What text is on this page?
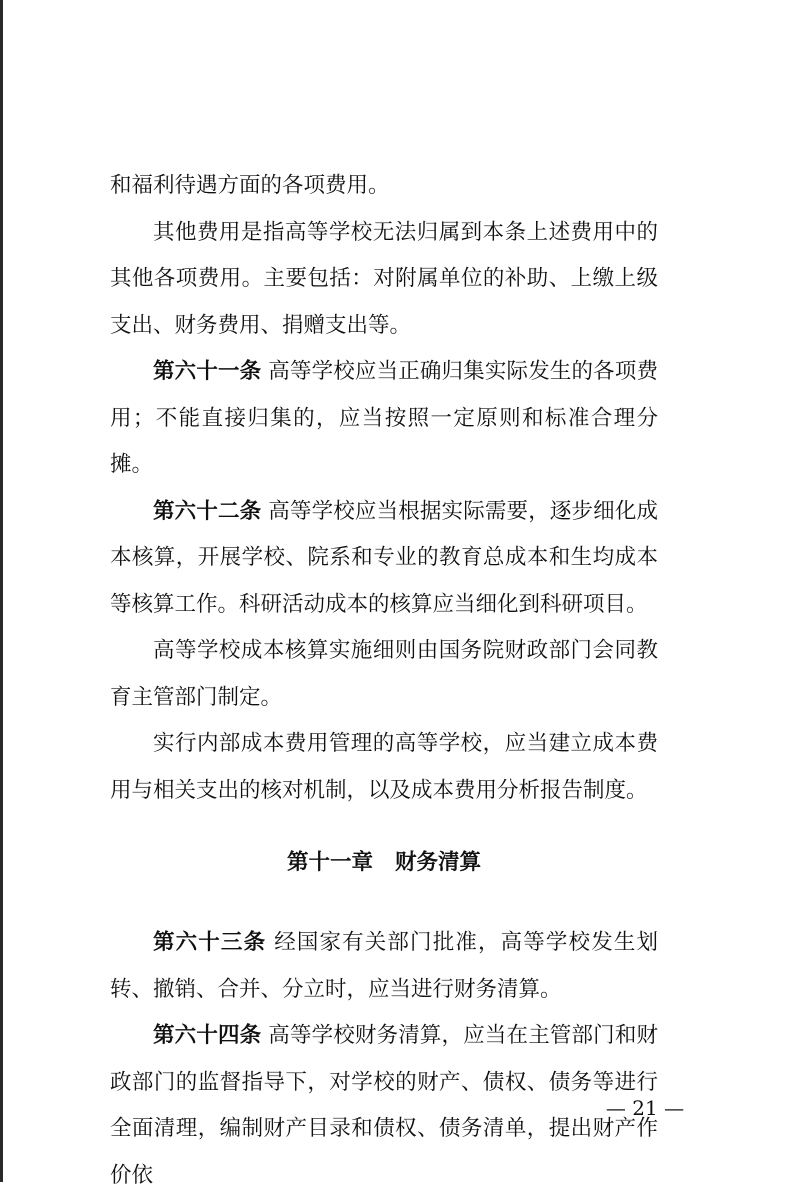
和福利待遇方面的各项费用。

其他费用是指高等学校无法归属到本条上述费用中的其他各项费用。主要包括：对附属单位的补助、上缴上级支出、财务费用、捐赠支出等。

第六十一条 高等学校应当正确归集实际发生的各项费用；不能直接归集的，应当按照一定原则和标准合理分摊。

第六十二条 高等学校应当根据实际需要，逐步细化成本核算，开展学校、院系和专业的教育总成本和生均成本等核算工作。科研活动成本的核算应当细化到科研项目。

高等学校成本核算实施细则由国务院财政部门会同教育主管部门制定。

实行内部成本费用管理的高等学校，应当建立成本费用与相关支出的核对机制，以及成本费用分析报告制度。

第十一章 财务清算

第六十三条 经国家有关部门批准，高等学校发生划转、撤销、合并、分立时，应当进行财务清算。

第六十四条 高等学校财务清算，应当在主管部门和财政部门的监督指导下，对学校的财产、债权、债务等进行全面清理，编制财产目录和债权、债务清单，提出财产作价依

— 21 —
